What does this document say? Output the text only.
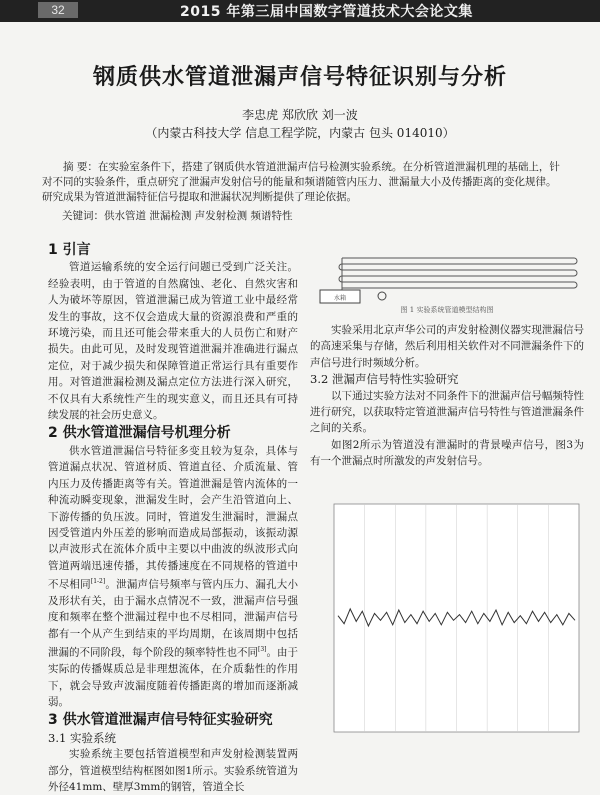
32	2015 年第三届中国数字管道技术大会论文集
钢质供水管道泄漏声信号特征识别与分析
李忠虎 郑欣欣 刘一波
（内蒙古科技大学 信息工程学院，内蒙古 包头 014010）
摘 要：在实验室条件下，搭建了钢质供水管道泄漏声信号检测实验系统。在分析管道泄漏机理的基础上，针对不同的实验条件，重点研究了泄漏声发射信号的能量和频谱随管内压力、泄漏量大小及传播距离的变化规律。研究成果为管道泄漏特征信号提取和泄漏状况判断提供了理论依据。
关键词：供水管道 泄漏检测 声发射检测 频谱特性
1 引言

管道运输系统的安全运行问题已受到广泛关注。经验表明，由于管道的自然腐蚀、老化、自然灾害和人为破坏等原因，管道泄漏已成为管道工业中最经常发生的事故，这不仅会造成大量的资源浪费和严重的环境污染，而且还可能会带来重大的人员伤亡和财产损失。由此可见，及时发现管道泄漏并准确进行漏点定位，对于减少损失和保障管道正常运行具有重要作用。对管道泄漏检测及漏点定位方法进行深入研究，不仅具有大系统性产生的现实意义，而且还具有可持续发展的社会历史意义。

2 供水管道泄漏信号机理分析

供水管道泄漏信号特征多变且较为复杂，具体与管道漏点状况、管道材质、管道直径、介质流量、管内压力及传播距离等有关。管道泄漏是管内流体的一种流动瞬变现象，泄漏发生时，会产生沿管道向上、下游传播的负压波。同时，管道发生泄漏时，泄漏点因受管道内外压差的影响而造成局部振动，该振动源以声波形式在流体介质中主要以中曲波的纵波形式向管道两端迅速传播，其传播速度在不同规格的管道中不尽相同[1-2]。泄漏声信号频率与管内压力、漏孔大小及形状有关，由于漏水点情况不一致，泄漏声信号强度和频率在整个泄漏过程中也不尽相同，泄漏声信号都有一个从产生到结束的平均周期，在该周期中包括泄漏的不同阶段，每个阶段的频率特性也不同[3]。由于实际的传播媒质总是非理想流体，在介质黏性的作用下，就会导致声波漏度随着传播距离的增加而逐渐减弱。

3 供水管道泄漏声信号特征实验研究
3.1 实验系统

实验系统主要包括管道模型和声发射检测装置两部分，管道模型结构框图如图1所示。实验系统管道为外径41mm、壁厚3mm的钢管，管道全长

水箱
图 1 实验系统管道模型结构图

实验采用北京声华公司的声发射检测仪器实现泄漏信号的高速采集与存储，然后利用相关软件对不同泄漏条件下的声信号进行时频域分析。

3.2 泄漏声信号特性实验研究

以下通过实验方法对不同条件下的泄漏声信号幅频特性进行研究，以获取特定管道泄漏声信号特性与管道泄漏条件之间的关系。

如图2所示为管道没有泄漏时的背景噪声信号，图3为有一个泄漏点时所激发的声发射信号。
